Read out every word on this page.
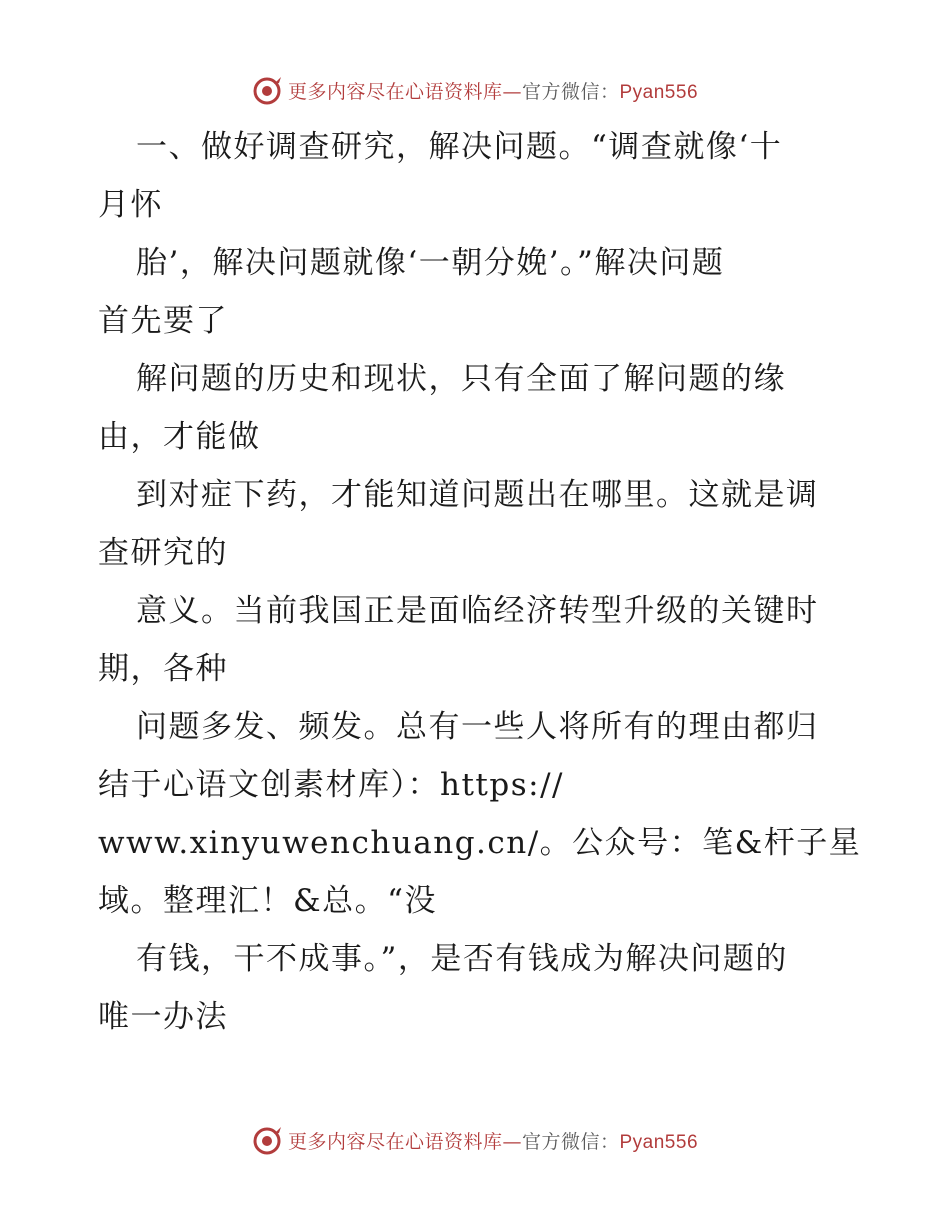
更多内容尽在心语资料库—官方微信：Pyan556
一、做好调查研究，解决问题。“调查就像‘十
月怀
胎’，解决问题就像‘一朝分娩’。”解决问题
首先要了
解问题的历史和现状，只有全面了解问题的缘
由，才能做
到对症下药，才能知道问题出在哪里。这就是调
查研究的
意义。当前我国正是面临经济转型升级的关键时
期，各种
问题多发、频发。总有一些人将所有的理由都归
结于心语文创素材库）：https://
www.xinyuwenchuang.cn/。公众号：笔&杆子星
域。整理汇！&总。“没
有钱，干不成事。”，是否有钱成为解决问题的
唯一办法
更多内容尽在心语资料库—官方微信：Pyan556
